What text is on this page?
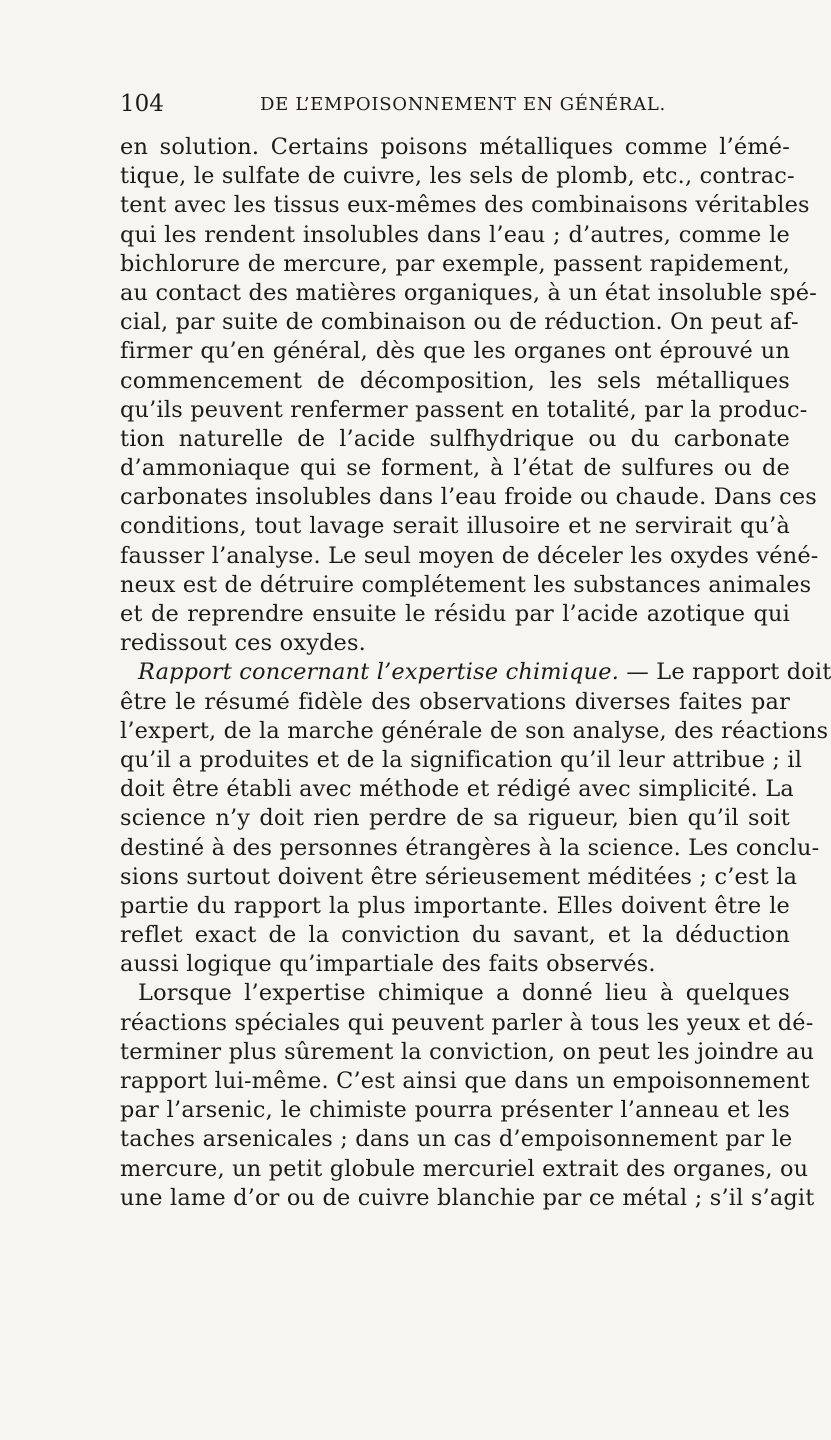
104	DE L’EMPOISONNEMENT EN GÉNÉRAL.
en solution. Certains poisons métalliques comme l’émé-
tique, le sulfate de cuivre, les sels de plomb, etc., contrac-
tent avec les tissus eux-mêmes des combinaisons véritables
qui les rendent insolubles dans l’eau ; d’autres, comme le
bichlorure de mercure, par exemple, passent rapidement,
au contact des matières organiques, à un état insoluble spé-
cial, par suite de combinaison ou de réduction. On peut af-
firmer qu’en général, dès que les organes ont éprouvé un
commencement de décomposition, les sels métalliques
qu’ils peuvent renfermer passent en totalité, par la produc-
tion naturelle de l’acide sulfhydrique ou du carbonate
d’ammoniaque qui se forment, à l’état de sulfures ou de
carbonates insolubles dans l’eau froide ou chaude. Dans ces
conditions, tout lavage serait illusoire et ne servirait qu’à
fausser l’analyse. Le seul moyen de déceler les oxydes véné-
neux est de détruire complétement les substances animales
et de reprendre ensuite le résidu par l’acide azotique qui
redissout ces oxydes.
Rapport concernant l’expertise chimique. — Le rapport doit
être le résumé fidèle des observations diverses faites par
l’expert, de la marche générale de son analyse, des réactions
qu’il a produites et de la signification qu’il leur attribue ; il
doit être établi avec méthode et rédigé avec simplicité. La
science n’y doit rien perdre de sa rigueur, bien qu’il soit
destiné à des personnes étrangères à la science. Les conclu-
sions surtout doivent être sérieusement méditées ; c’est la
partie du rapport la plus importante. Elles doivent être le
reflet exact de la conviction du savant, et la déduction
aussi logique qu’impartiale des faits observés.
Lorsque l’expertise chimique a donné lieu à quelques
réactions spéciales qui peuvent parler à tous les yeux et dé-
terminer plus sûrement la conviction, on peut les joindre au
rapport lui-même. C’est ainsi que dans un empoisonnement
par l’arsenic, le chimiste pourra présenter l’anneau et les
taches arsenicales ; dans un cas d’empoisonnement par le
mercure, un petit globule mercuriel extrait des organes, ou
une lame d’or ou de cuivre blanchie par ce métal ; s’il s’agit
